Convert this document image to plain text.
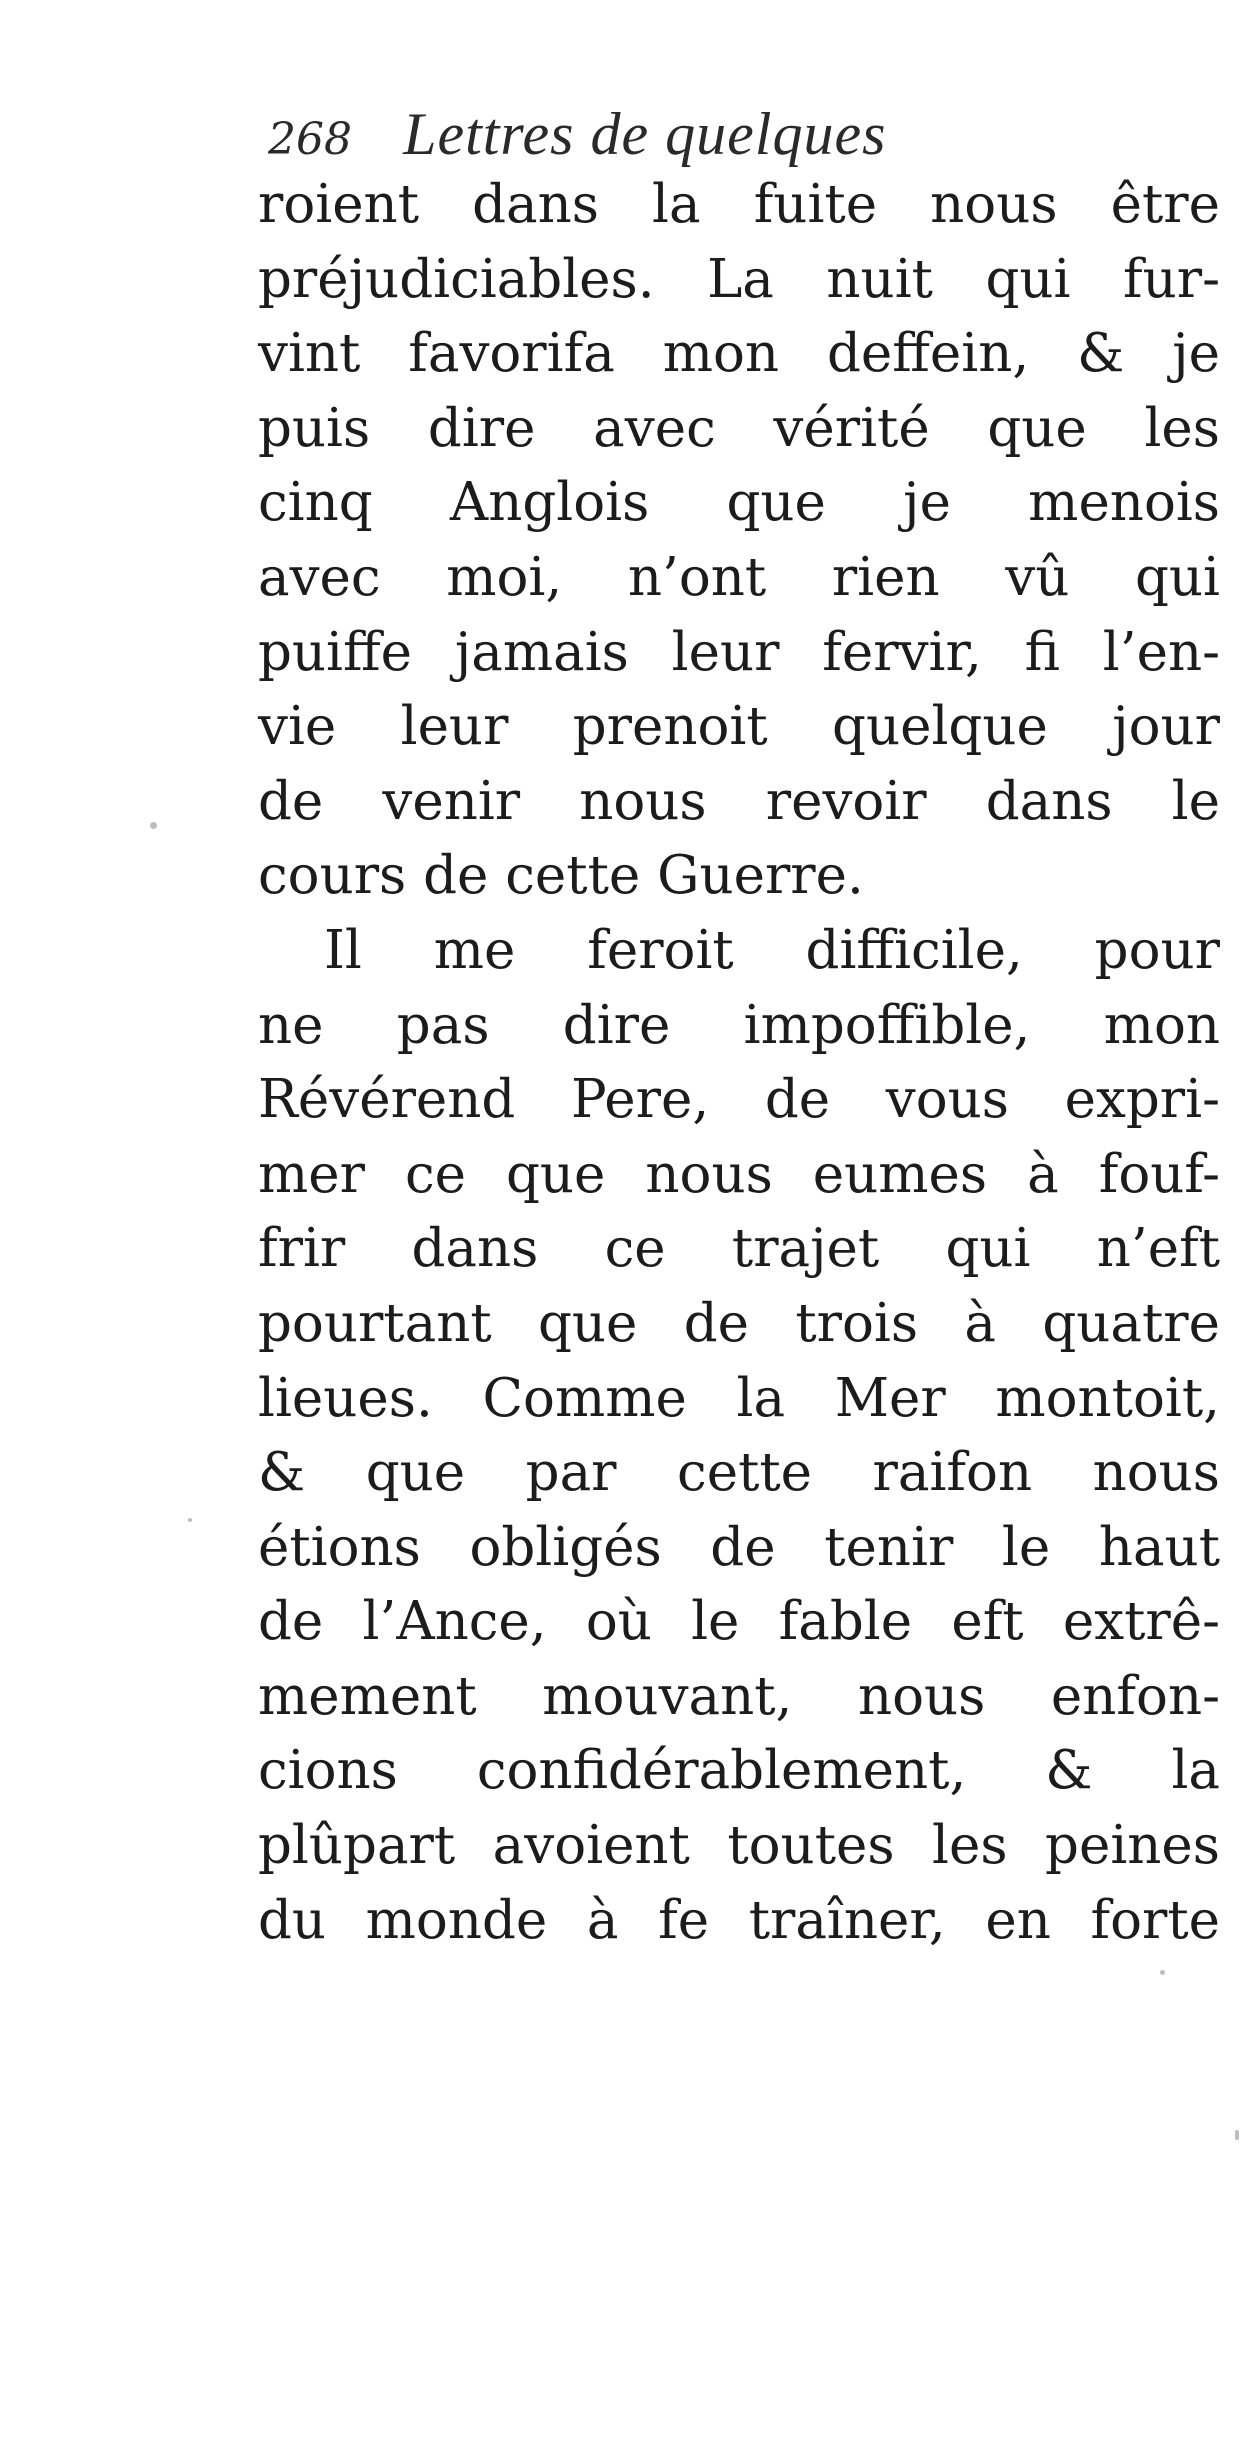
268 Lettres de quelques
roient dans la fuite nous être
préjudiciables. La nuit qui fur-
vint favorifa mon deffein, & je
puis dire avec vérité que les
cinq Anglois que je menois
avec moi, n’ont rien vû qui
puiffe jamais leur fervir, fi l’en-
vie leur prenoit quelque jour
de venir nous revoir dans le
cours de cette Guerre.
Il me feroit difficile, pour
ne pas dire impoffible, mon
Révérend Pere, de vous expri-
mer ce que nous eumes à fouf-
frir dans ce trajet qui n’eft
pourtant que de trois à quatre
lieues. Comme la Mer montoit,
& que par cette raifon nous
étions obligés de tenir le haut
de l’Ance, où le fable eft extrê-
mement mouvant, nous enfon-
cions confidérablement, & la
plûpart avoient toutes les peines
du monde à fe traîner, en forte
